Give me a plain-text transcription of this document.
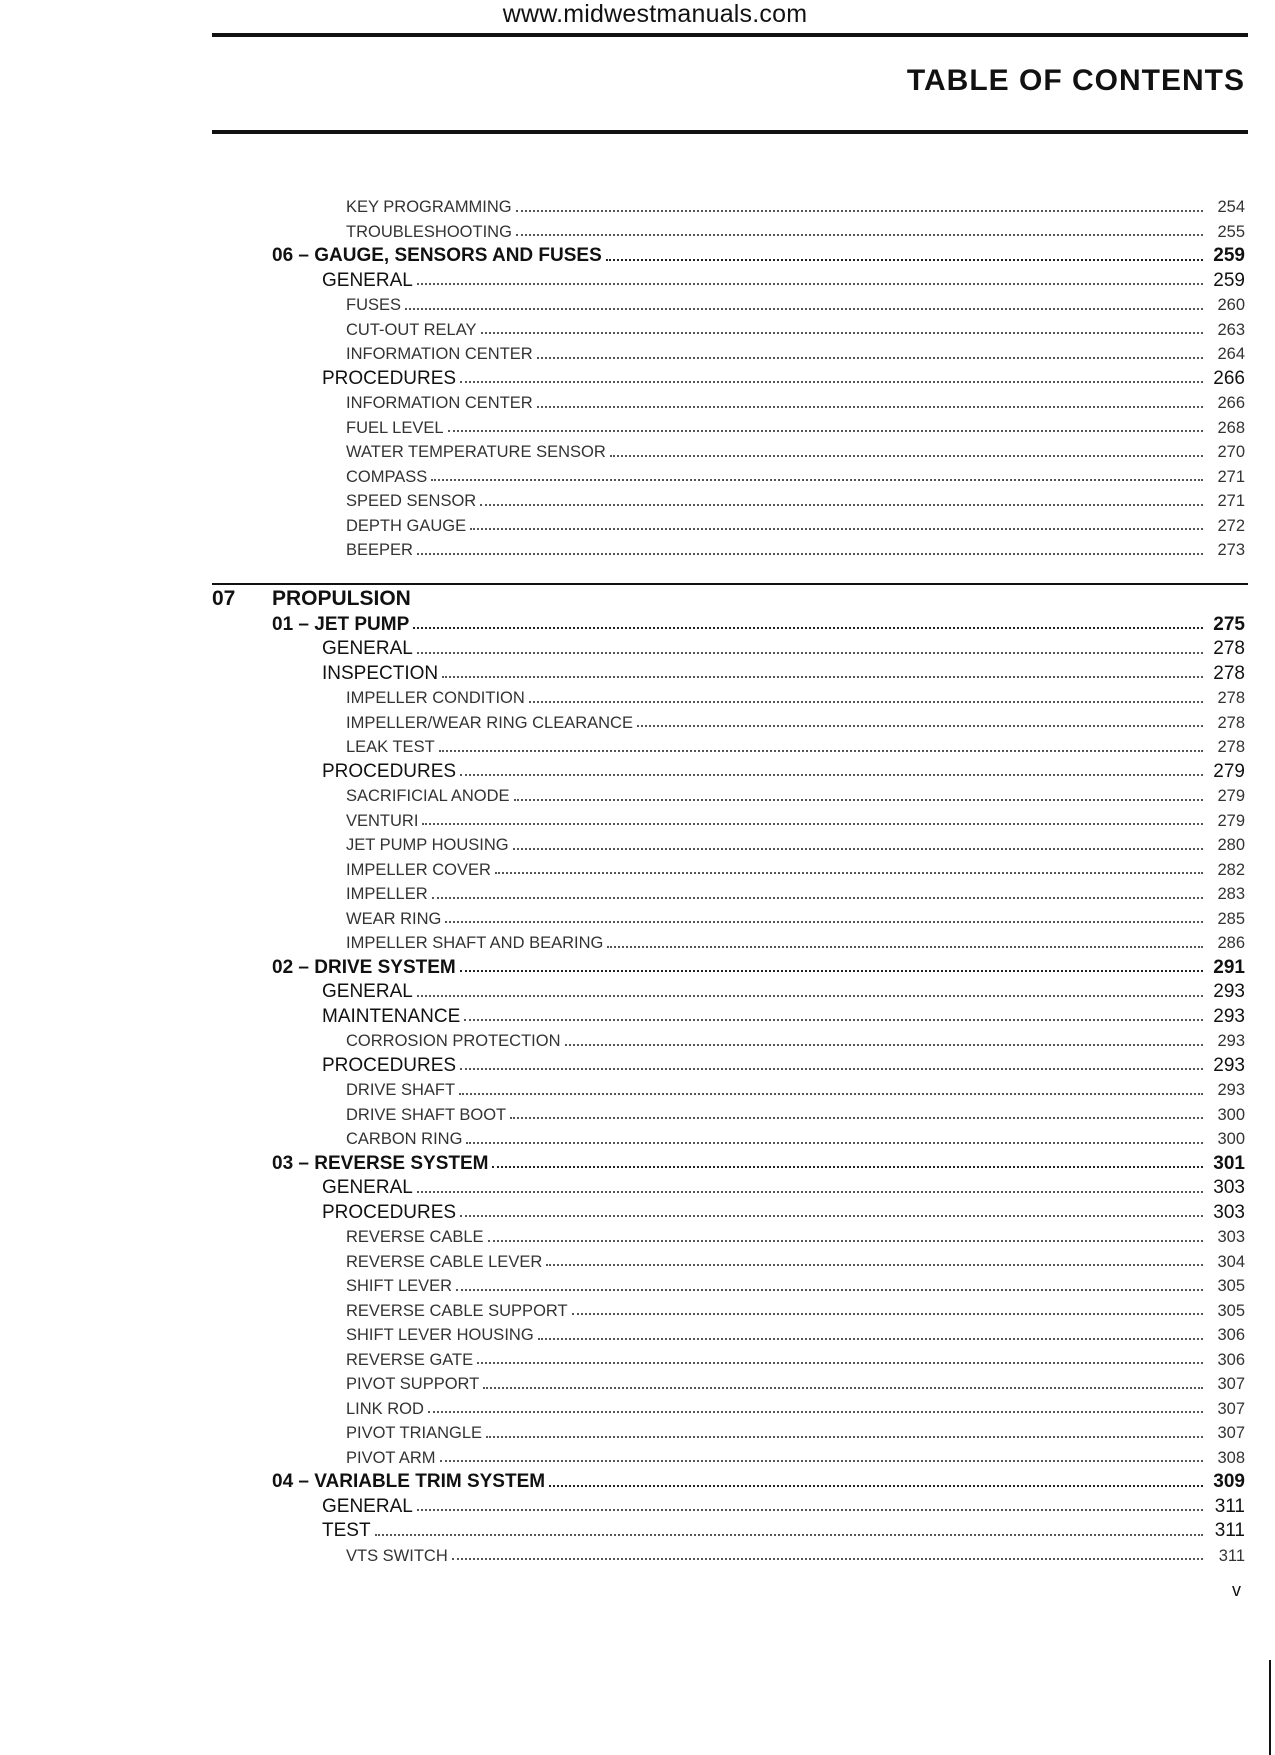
www.midwestmanuals.com
TABLE OF CONTENTS
KEY PROGRAMMING	254
TROUBLESHOOTING	255
06 – GAUGE, SENSORS AND FUSES	259
GENERAL	259
FUSES	260
CUT-OUT RELAY	263
INFORMATION CENTER	264
PROCEDURES	266
INFORMATION CENTER	266
FUEL LEVEL	268
WATER TEMPERATURE SENSOR	270
COMPASS	271
SPEED SENSOR	271
DEPTH GAUGE	272
BEEPER	273
07 PROPULSION
01 – JET PUMP	275
GENERAL	278
INSPECTION	278
IMPELLER CONDITION	278
IMPELLER/WEAR RING CLEARANCE	278
LEAK TEST	278
PROCEDURES	279
SACRIFICIAL ANODE	279
VENTURI	279
JET PUMP HOUSING	280
IMPELLER COVER	282
IMPELLER	283
WEAR RING	285
IMPELLER SHAFT AND BEARING	286
02 – DRIVE SYSTEM	291
GENERAL	293
MAINTENANCE	293
CORROSION PROTECTION	293
PROCEDURES	293
DRIVE SHAFT	293
DRIVE SHAFT BOOT	300
CARBON RING	300
03 – REVERSE SYSTEM	301
GENERAL	303
PROCEDURES	303
REVERSE CABLE	303
REVERSE CABLE LEVER	304
SHIFT LEVER	305
REVERSE CABLE SUPPORT	305
SHIFT LEVER HOUSING	306
REVERSE GATE	306
PIVOT SUPPORT	307
LINK ROD	307
PIVOT TRIANGLE	307
PIVOT ARM	308
04 – VARIABLE TRIM SYSTEM	309
GENERAL	311
TEST	311
VTS SWITCH	311
v
